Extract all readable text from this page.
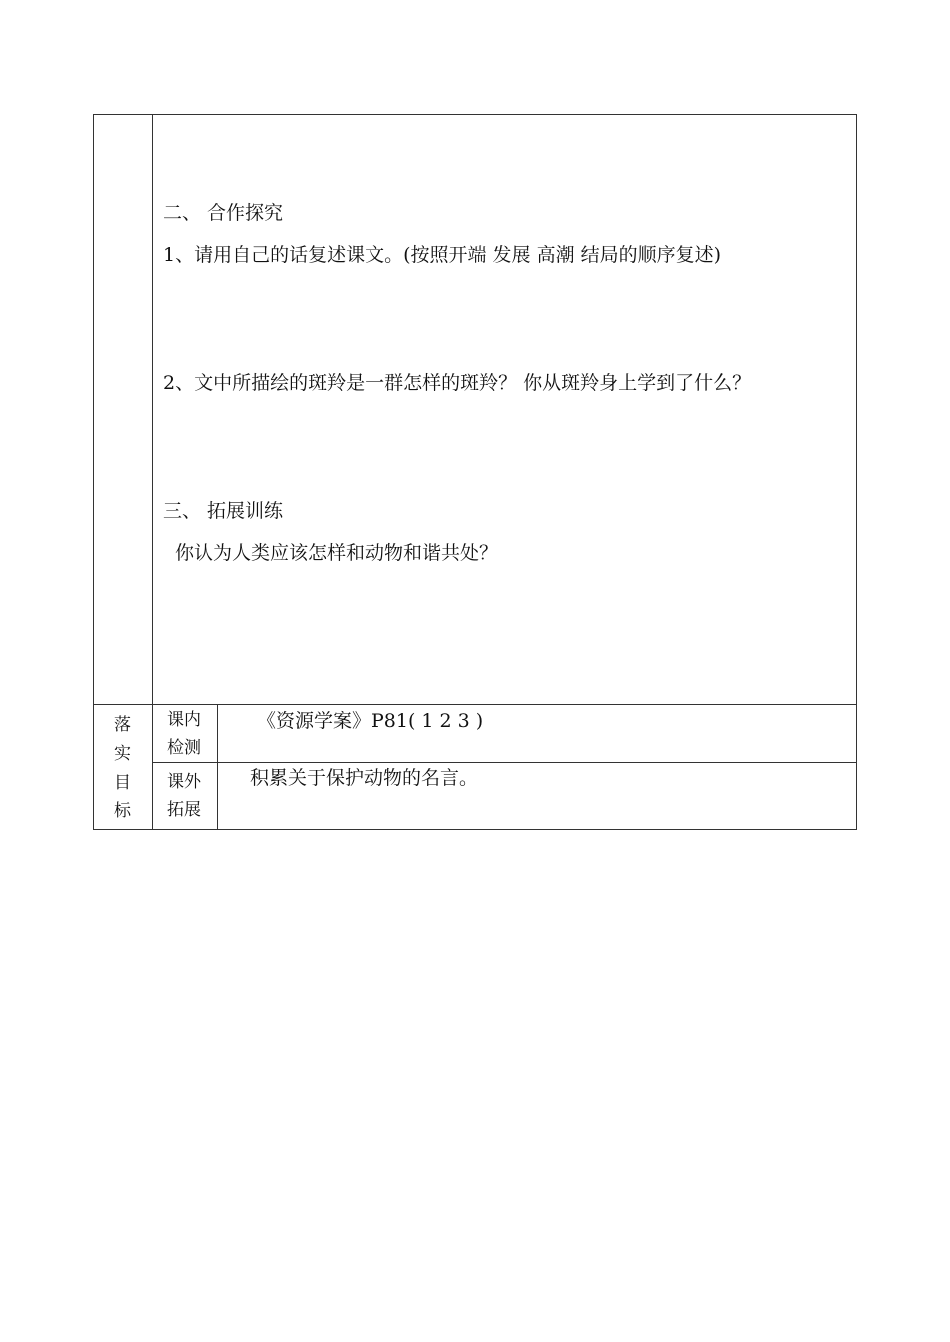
二、 合作探究
1、请用自己的话复述课文。(按照开端 发展 高潮 结局的顺序复述)
2、文中所描绘的斑羚是一群怎样的斑羚？ 你从斑羚身上学到了什么？
三、 拓展训练
你认为人类应该怎样和动物和谐共处？
落
实
目
标
课内
检测
《资源学案》P81( 1 2 3 )
课外
拓展
积累关于保护动物的名言。
